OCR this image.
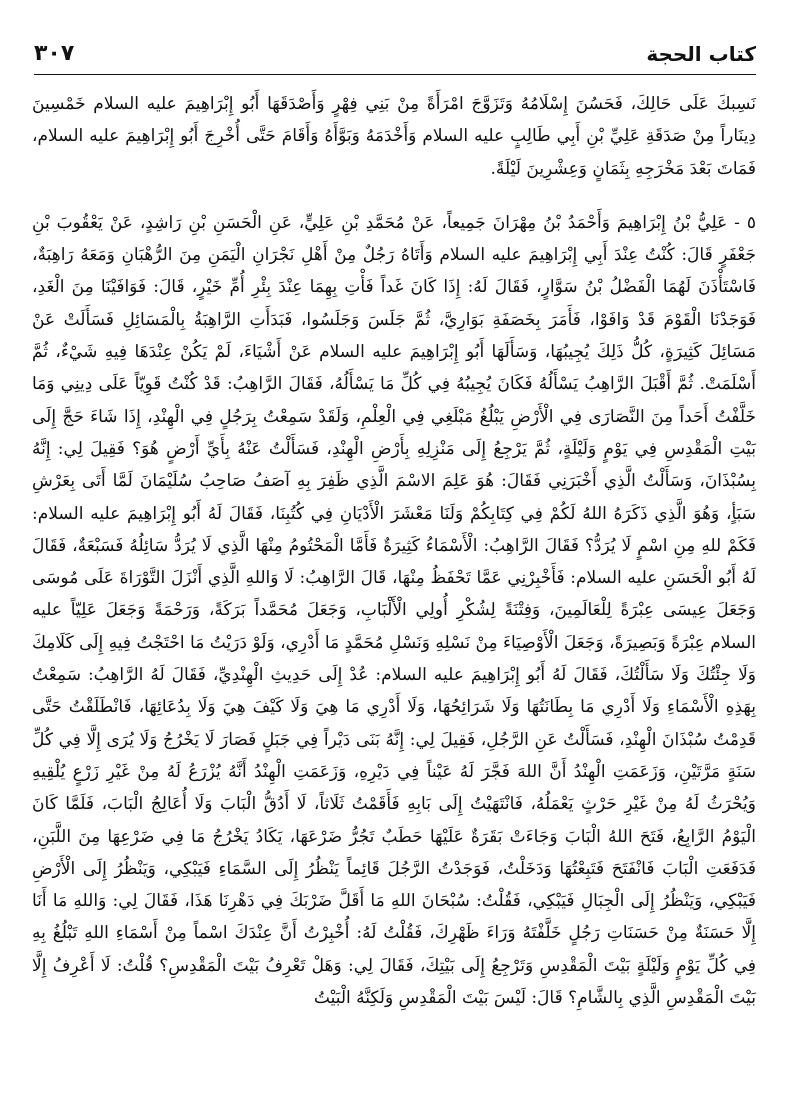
٣٠٧	كتاب الحجة

نَسِبكَ عَلَى حَالِكَ، فَحَسُنَ إِسْلَامُهُ وَتَزَوَّجَ امْرَأَةً مِنْ بَنِي فِهْرٍ وَأَصْدَقَهَا أَبُو إِبْرَاهِيمَ عليه السلام خَمْسِينَ دِينَاراً مِنْ صَدَقَةِ عَلِيِّ بْنِ أَبِي طَالِبٍ عليه السلام وَأَخْدَمَهُ وَبَوَّأَهُ وَأَقَامَ حَتَّى أُخْرِجَ أَبُو إِبْرَاهِيمَ عليه السلام، فَمَاتَ بَعْدَ مَخْرَجِهِ بِثَمَانٍ وَعِشْرِينَ لَيْلَةً.

٥ - عَلِيُّ بْنُ إِبْرَاهِيمَ وَأَحْمَدُ بْنُ مِهْرَانَ جَمِيعاً، عَنْ مُحَمَّدِ بْنِ عَلِيٍّ، عَنِ الْحَسَنِ بْنِ رَاشِدٍ، عَنْ يَعْقُوبَ بْنِ جَعْفَرٍ قَالَ: كُنْتُ عِنْدَ أَبِي إِبْرَاهِيمَ عليه السلام وَأَتَاهُ رَجُلٌ مِنْ أَهْلِ نَجْرَانِ الْيَمَنِ مِنَ الرُّهْبَانِ وَمَعَهُ رَاهِبَةٌ، فَاسْتَأْذَنَ لَهُمَا الْفَضْلُ بْنُ سَوَّارٍ، فَقَالَ لَهُ: إِذَا كَانَ غَداً فَأْتِ بِهِمَا عِنْدَ بِئْرِ أُمِّ خَيْرٍ، قَالَ: فَوَافَيْنَا مِنَ الْغَدِ، فَوَجَدْنَا الْقَوْمَ قَدْ وَافَوْا، فَأَمَرَ بِخَصَفَةِ بَوَارِيَّ، ثُمَّ جَلَسَ وَجَلَسُوا، فَبَدَأَتِ الرَّاهِبَةُ بِالْمَسَائِلِ فَسَأَلَتْ عَنْ مَسَائِلَ كَثِيرَةٍ، كُلُّ ذَلِكَ يُجِيبُهَا، وَسَأَلَهَا أَبُو إِبْرَاهِيمَ عليه السلام عَنْ أَشْيَاءَ، لَمْ يَكُنْ عِنْدَهَا فِيهِ شَيْءٌ، ثُمَّ أَسْلَمَتْ. ثُمَّ أَقْبَلَ الرَّاهِبُ يَسْأَلُهُ فَكَانَ يُجِيبُهُ فِي كُلِّ مَا يَسْأَلُهُ، فَقَالَ الرَّاهِبُ: قَدْ كُنْتُ قَوِيّاً عَلَى دِينِي وَمَا خَلَّفْتُ أَحَداً مِنَ النَّصَارَى فِي الْأَرْضِ يَبْلُغُ مَبْلَغِي فِي الْعِلْمِ، وَلَقَدْ سَمِعْتُ بِرَجُلٍ فِي الْهِنْدِ، إِذَا شَاءَ حَجَّ إِلَى بَيْتِ الْمَقْدِسِ فِي يَوْمٍ وَلَيْلَةٍ، ثُمَّ يَرْجِعُ إِلَى مَنْزِلِهِ بِأَرْضِ الْهِنْدِ، فَسَأَلْتُ عَنْهُ بِأَيِّ أَرْضٍ هُوَ؟ فَقِيلَ لِي: إِنَّهُ بِسُبْذَانَ، وَسَأَلْتُ الَّذِي أَخْبَرَنِي فَقَالَ: هُوَ عَلِمَ الاسْمَ الَّذِي ظَفِرَ بِهِ آصَفُ صَاحِبُ سُلَيْمَانَ لَمَّا أَتَى بِعَرْشِ سَبَأٍ، وَهُوَ الَّذِي ذَكَرَهُ اللهُ لَكُمْ فِي كِتَابِكُمْ وَلَنَا مَعْشَرَ الْأَدْيَانِ فِي كُتُبِنَا، فَقَالَ لَهُ أَبُو إِبْرَاهِيمَ عليه السلام: فَكَمْ للهِ مِنِ اسْمٍ لَا يُرَدُّ؟ فَقَالَ الرَّاهِبُ: الْأَسْمَاءُ كَثِيرَةٌ فَأَمَّا الْمَحْتُومُ مِنْهَا الَّذِي لَا يُرَدُّ سَائِلُهُ فَسَبْعَةٌ، فَقَالَ لَهُ أَبُو الْحَسَنِ عليه السلام: فَأَخْبِرْنِي عَمَّا تَحْفَظُ مِنْهَا، قَالَ الرَّاهِبُ: لَا وَاللهِ الَّذِي أَنْزَلَ التَّوْرَاةَ عَلَى مُوسَى وَجَعَلَ عِيسَى عِبْرَةً لِلْعَالَمِينَ، وَفِتْنَةً لِشُكْرِ أُولِي الْأَلْبَابِ، وَجَعَلَ مُحَمَّداً بَرَكَةً، وَرَحْمَةً وَجَعَلَ عَلِيّاً عليه السلام عِبْرَةً وَبَصِيرَةً، وَجَعَلَ الْأَوْصِيَاءَ مِنْ نَسْلِهِ وَنَسْلِ مُحَمَّدٍ مَا أَدْرِي، وَلَوْ دَرَيْتُ مَا احْتَجْتُ فِيهِ إِلَى كَلَامِكَ وَلَا جِئْتُكَ وَلَا سَأَلْتُكَ، فَقَالَ لَهُ أَبُو إِبْرَاهِيمَ عليه السلام: عُدْ إِلَى حَدِيثِ الْهِنْدِيِّ، فَقَالَ لَهُ الرَّاهِبُ: سَمِعْتُ بِهَذِهِ الْأَسْمَاءِ وَلَا أَدْرِي مَا بِطَانَتُهَا وَلَا شَرَائِحُهَا، وَلَا أَدْرِي مَا هِيَ وَلَا كَيْفَ هِيَ وَلَا بِدُعَائِهَا، فَانْطَلَقْتُ حَتَّى قَدِمْتُ سُبْذَانَ الْهِنْدِ، فَسَأَلْتُ عَنِ الرَّجُلِ، فَقِيلَ لِي: إِنَّهُ بَنَى دَيْراً فِي جَبَلٍ فَصَارَ لَا يَخْرُجُ وَلَا يُرَى إِلَّا فِي كُلِّ سَنَةٍ مَرَّتَيْنِ، وَزَعَمَتِ الْهِنْدُ أَنَّ اللهَ فَجَّرَ لَهُ عَيْناً فِي دَيْرِهِ، وَزَعَمَتِ الْهِنْدُ أَنَّهُ يُزْرَعُ لَهُ مِنْ غَيْرِ زَرْعٍ يُلْقِيهِ وَيُحْرَثُ لَهُ مِنْ غَيْرِ حَرْثٍ يَعْمَلُهُ، فَانْتَهَيْتُ إِلَى بَابِهِ فَأَقَمْتُ ثَلَاثاً، لَا أَدُقُّ الْبَابَ وَلَا أُعَالِجُ الْبَابَ، فَلَمَّا كَانَ الْيَوْمُ الرَّابِعُ، فَتَحَ اللهُ الْبَابَ وَجَاءَتْ بَقَرَةٌ عَلَيْهَا حَطَبٌ تَجُرُّ ضَرْعَهَا، يَكَادُ يَخْرُجُ مَا فِي ضَرْعِهَا مِنَ اللَّبَنِ، فَدَفَعَتِ الْبَابَ فَانْفَتَحَ فَتَبِعْتُهَا وَدَخَلْتُ، فَوَجَدْتُ الرَّجُلَ قَائِماً يَنْظُرُ إِلَى السَّمَاءِ فَيَبْكِي، وَيَنْظُرُ إِلَى الْأَرْضِ فَيَبْكِي، وَيَنْظُرُ إِلَى الْجِبَالِ فَيَبْكِي، فَقُلْتُ: سُبْحَانَ اللهِ مَا أَقَلَّ ضَرْبَكَ فِي دَهْرِنَا هَذَا، فَقَالَ لِي: وَاللهِ مَا أَنَا إِلَّا حَسَنَةٌ مِنْ حَسَنَاتِ رَجُلٍ خَلَّفْتَهُ وَرَاءَ ظَهْرِكَ، فَقُلْتُ لَهُ: أُخْبِرْتُ أَنَّ عِنْدَكَ اسْماً مِنْ أَسْمَاءِ اللهِ تَبْلُغُ بِهِ فِي كُلِّ يَوْمٍ وَلَيْلَةٍ بَيْتَ الْمَقْدِسِ وَتَرْجِعُ إِلَى بَيْتِكَ، فَقَالَ لِي: وَهَلْ تَعْرِفُ بَيْتَ الْمَقْدِسِ؟ قُلْتُ: لَا أَعْرِفُ إِلَّا بَيْتَ الْمَقْدِسِ الَّذِي بِالشَّامِ؟ قَالَ: لَيْسَ بَيْتَ الْمَقْدِسِ وَلَكِنَّهُ الْبَيْتُ
